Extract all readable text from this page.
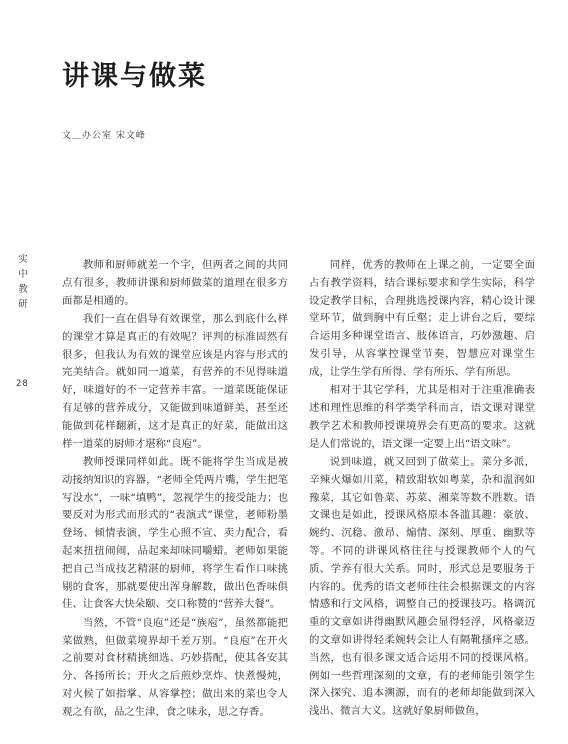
讲课与做菜
文＿办公室 宋文峰
实中教研
28

教师和厨师就差一个字，但两者之间的共同点有很多，教师讲课和厨师做菜的道理在很多方面都是相通的。

我们一直在倡导有效课堂，那么到底什么样的课堂才算是真正的有效呢？评判的标准固然有很多，但我认为有效的课堂应该是内容与形式的完美结合。就如同一道菜，有营养的不见得味道好，味道好的不一定营养丰富。一道菜既能保证有足够的营养成分，又能做到味道鲜美，甚至还能做到花样翻新，这才是真正的好菜，能做出这样一道菜的厨师才堪称“良庖”。

教师授课同样如此。既不能将学生当成是被动接纳知识的容器，“老师全凭两片嘴，学生把笔写没水”，一味“填鸭”，忽视学生的接受能力；也要反对为形式而形式的“表演式”课堂，老师粉墨登场、倾情表演，学生心照不宣、卖力配合，看起来扭扭闹闹，品起来却味同嚼蜡。老师如果能把自己当成技艺精湛的厨师，将学生看作口味挑剔的食客，那就要使出浑身解数，做出色香味俱佳、让食客大快朵颐、交口称赞的“营养大餐”。

当然，不管“良庖”还是“族庖”，虽然都能把菜做熟，但做菜境界却千差万别。“良庖”在开火之前要对食材精挑细选、巧妙搭配，使其各安其分、各扬所长；开火之后煎炒烹炸、快煮慢炖，对火候了如指掌、从容掌控；做出来的菜也令人观之有欲，品之生津，食之味永，思之存香。

同样，优秀的教师在上课之前，一定要全面占有教学资料，结合课标要求和学生实际，科学设定教学目标，合理挑选授课内容，精心设计课堂环节，做到胸中有丘壑；走上讲台之后，要综合运用多种课堂语言、肢体语言，巧妙激趣、启发引导，从容掌控课堂节奏，智慧应对课堂生成，让学生学有所得、学有所乐、学有所思。

相对于其它学科，尤其是相对于注重准确表述和理性思维的科学类学科而言，语文课对课堂教学艺术和教师授课境界会有更高的要求。这就是人们常说的，语文课一定要上出“语文味”。

说到味道，就又回到了做菜上。菜分多派，辛辣火爆如川菜，精致甜软如粤菜，杂和温润如豫菜，其它如鲁菜、苏菜、湘菜等数不胜数。语文课也是如此，授课风格原本各滥其趣：豪放、婉约、沉稳、激昂、煽情、深刻、厚重、幽默等等。不同的讲课风格往往与授课教师个人的气质、学养有很大关系。同时，形式总是要服务于内容的。优秀的语文老师往往会根据课文的内容情感和行文风格，调整自己的授课技巧。格调沉重的文章如讲得幽默风趣会显得轻浮，风格豪迈的文章如讲得轻柔婉转会让人有隔靴搔痒之感。当然，也有很多课文适合运用不同的授课风格。例如一些哲理深刻的文章，有的老师能引领学生深入探究、追本溯源，而有的老师却能做到深入浅出、微言大义。这就好象厨师做鱼，
